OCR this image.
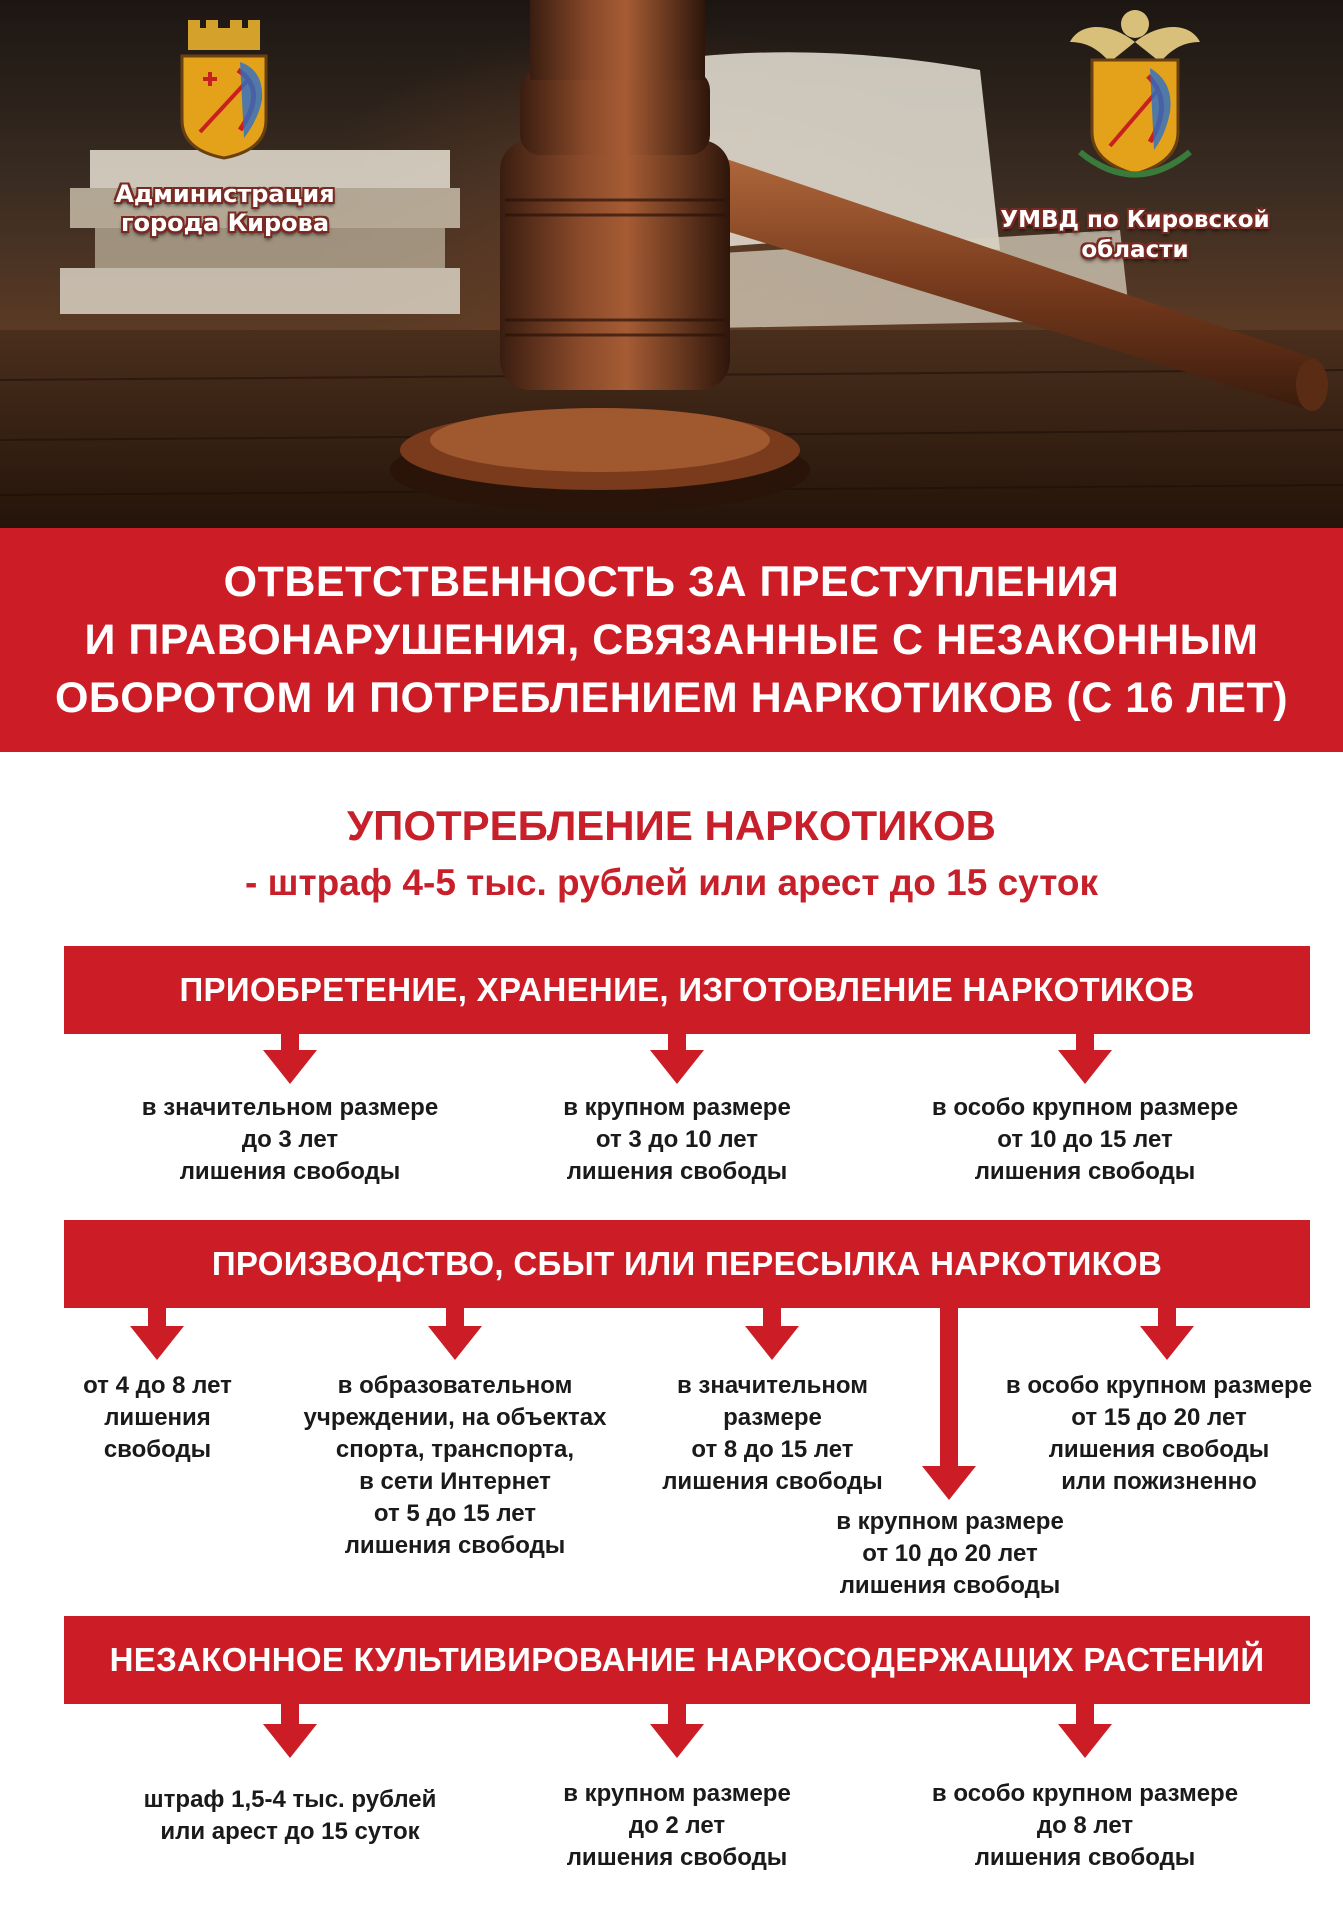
Администрация города Кирова	УМВД по Кировской области
ОТВЕТСТВЕННОСТЬ ЗА ПРЕСТУПЛЕНИЯ
И ПРАВОНАРУШЕНИЯ, СВЯЗАННЫЕ С НЕЗАКОННЫМ
ОБОРОТОМ И ПОТРЕБЛЕНИЕМ НАРКОТИКОВ (С 16 ЛЕТ)
УПОТРЕБЛЕНИЕ НАРКОТИКОВ
- штраф 4-5 тыс. рублей или арест до 15 суток
ПРИОБРЕТЕНИЕ, ХРАНЕНИЕ, ИЗГОТОВЛЕНИЕ НАРКОТИКОВ
в значительном размере
до 3 лет
лишения свободы
в крупном размере
от 3 до 10 лет
лишения свободы
в особо крупном размере
от 10 до 15 лет
лишения свободы
ПРОИЗВОДСТВО, СБЫТ ИЛИ ПЕРЕСЫЛКА НАРКОТИКОВ
от 4 до 8 лет
лишения
свободы
в образовательном
учреждении, на объектах
спорта, транспорта,
в сети Интернет
от 5 до 15 лет
лишения свободы
в значительном
размере
от 8 до 15 лет
лишения свободы
в крупном размере
от 10 до 20 лет
лишения свободы
в особо крупном размере
от 15 до 20 лет
лишения свободы
или пожизненно
НЕЗАКОННОЕ КУЛЬТИВИРОВАНИЕ НАРКОСОДЕРЖАЩИХ РАСТЕНИЙ
штраф 1,5-4 тыс. рублей
или арест до 15 суток
в крупном размере
до 2 лет
лишения свободы
в особо крупном размере
до 8 лет
лишения свободы
